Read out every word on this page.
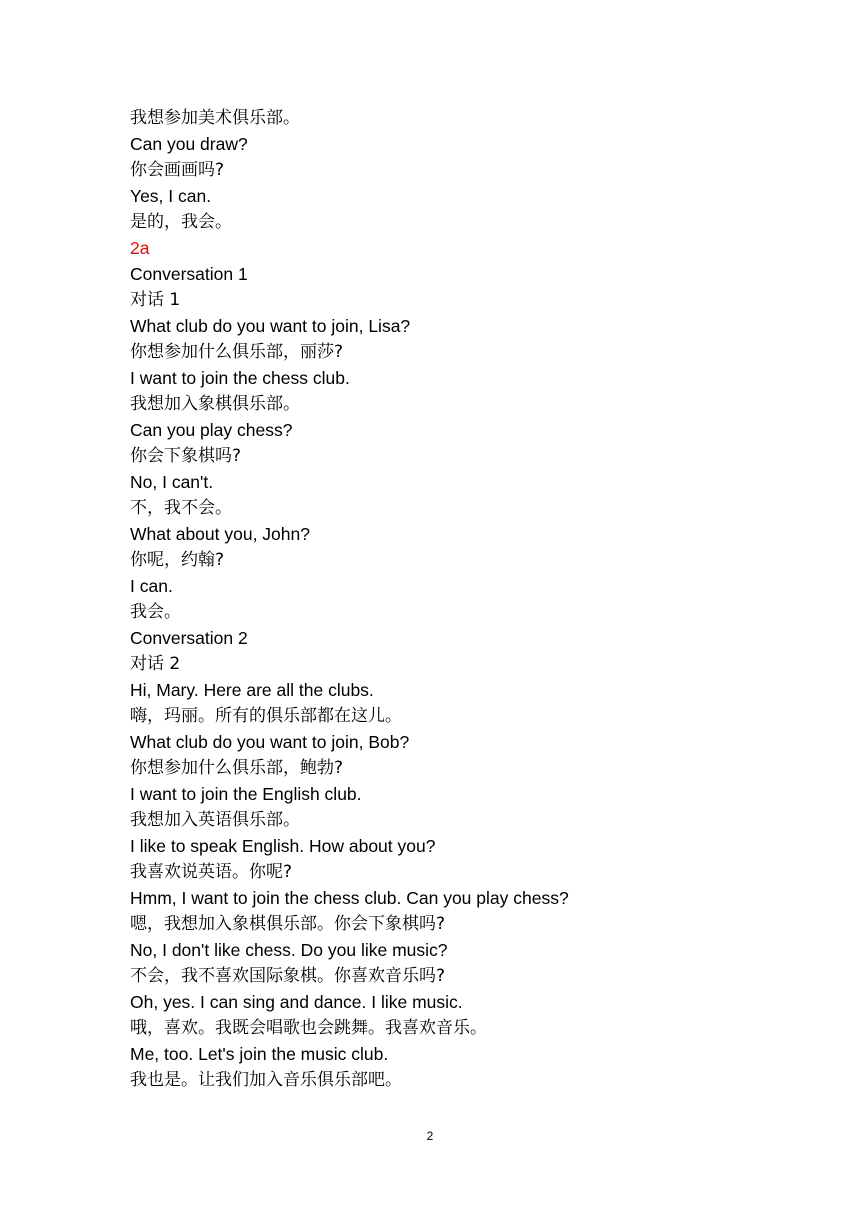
我想参加美术俱乐部。
Can you draw?
你会画画吗?
Yes, I can.
是的，我会。
2a
Conversation 1
对话 1
What club do you want to join, Lisa?
你想参加什么俱乐部，丽莎?
I want to join the chess club.
我想加入象棋俱乐部。
Can you play chess?
你会下象棋吗?
No, I can't.
不，我不会。
What about you, John?
你呢，约翰?
I can.
我会。
Conversation 2
对话 2
Hi, Mary. Here are all the clubs.
嗨，玛丽。所有的俱乐部都在这儿。
What club do you want to join, Bob?
你想参加什么俱乐部，鲍勃?
I want to join the English club.
我想加入英语俱乐部。
I like to speak English. How about you?
我喜欢说英语。你呢?
Hmm, I want to join the chess club. Can you play chess?
嗯，我想加入象棋俱乐部。你会下象棋吗?
No, I don't like chess. Do you like music?
不会，我不喜欢国际象棋。你喜欢音乐吗?
Oh, yes. I can sing and dance. I like music.
哦，喜欢。我既会唱歌也会跳舞。我喜欢音乐。
Me, too. Let's join the music club.
我也是。让我们加入音乐俱乐部吧。
2
